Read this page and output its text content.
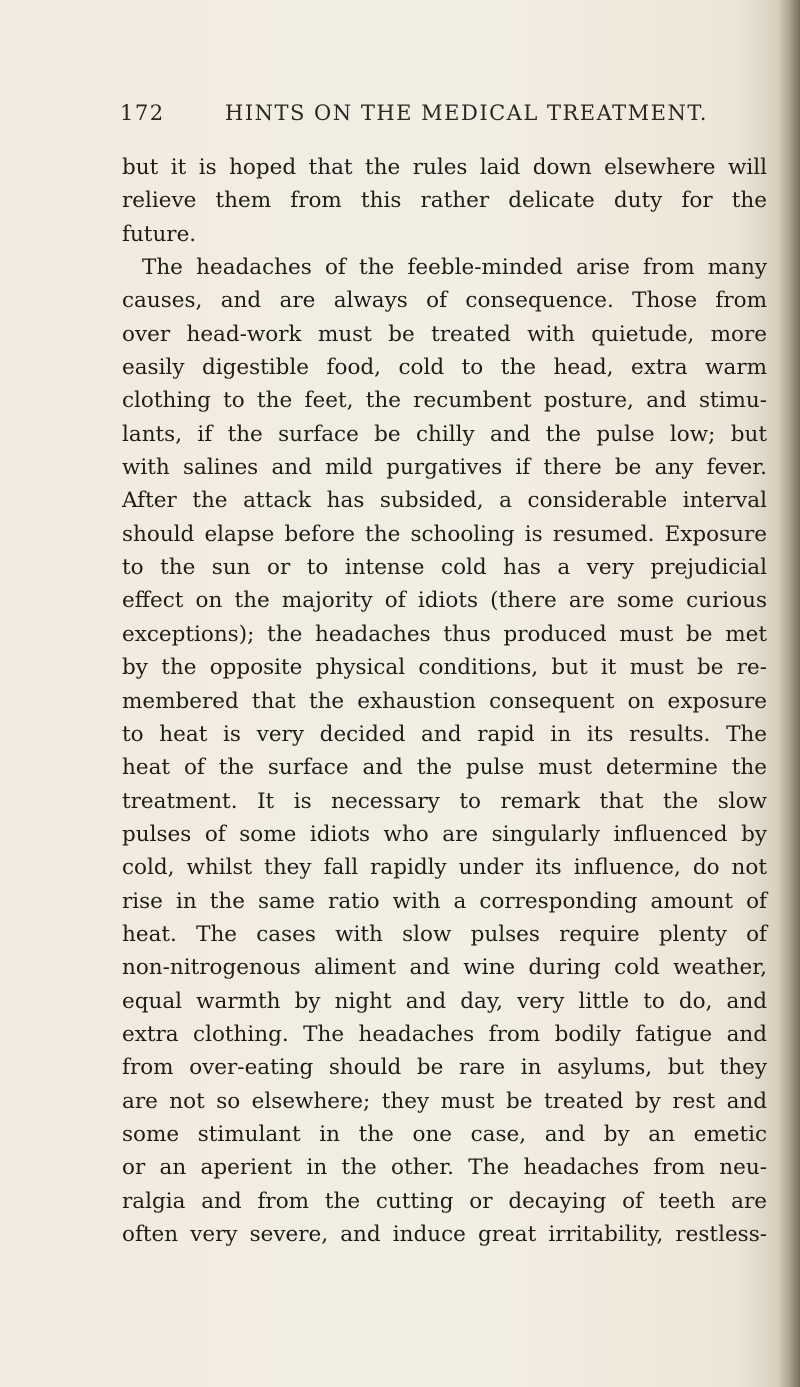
172	HINTS ON THE MEDICAL TREATMENT.
but it is hoped that the rules laid down elsewhere will
relieve them from this rather delicate duty for the
future.
The headaches of the feeble-minded arise from many
causes, and are always of consequence. Those from
over head-work must be treated with quietude, more
easily digestible food, cold to the head, extra warm
clothing to the feet, the recumbent posture, and stimu-
lants, if the surface be chilly and the pulse low; but
with salines and mild purgatives if there be any fever.
After the attack has subsided, a considerable interval
should elapse before the schooling is resumed. Exposure
to the sun or to intense cold has a very prejudicial
effect on the majority of idiots (there are some curious
exceptions); the headaches thus produced must be met
by the opposite physical conditions, but it must be re-
membered that the exhaustion consequent on exposure
to heat is very decided and rapid in its results. The
heat of the surface and the pulse must determine the
treatment. It is necessary to remark that the slow
pulses of some idiots who are singularly influenced by
cold, whilst they fall rapidly under its influence, do not
rise in the same ratio with a corresponding amount of
heat. The cases with slow pulses require plenty of
non-nitrogenous aliment and wine during cold weather,
equal warmth by night and day, very little to do, and
extra clothing. The headaches from bodily fatigue and
from over-eating should be rare in asylums, but they
are not so elsewhere; they must be treated by rest and
some stimulant in the one case, and by an emetic
or an aperient in the other. The headaches from neu-
ralgia and from the cutting or decaying of teeth are
often very severe, and induce great irritability, restless-
